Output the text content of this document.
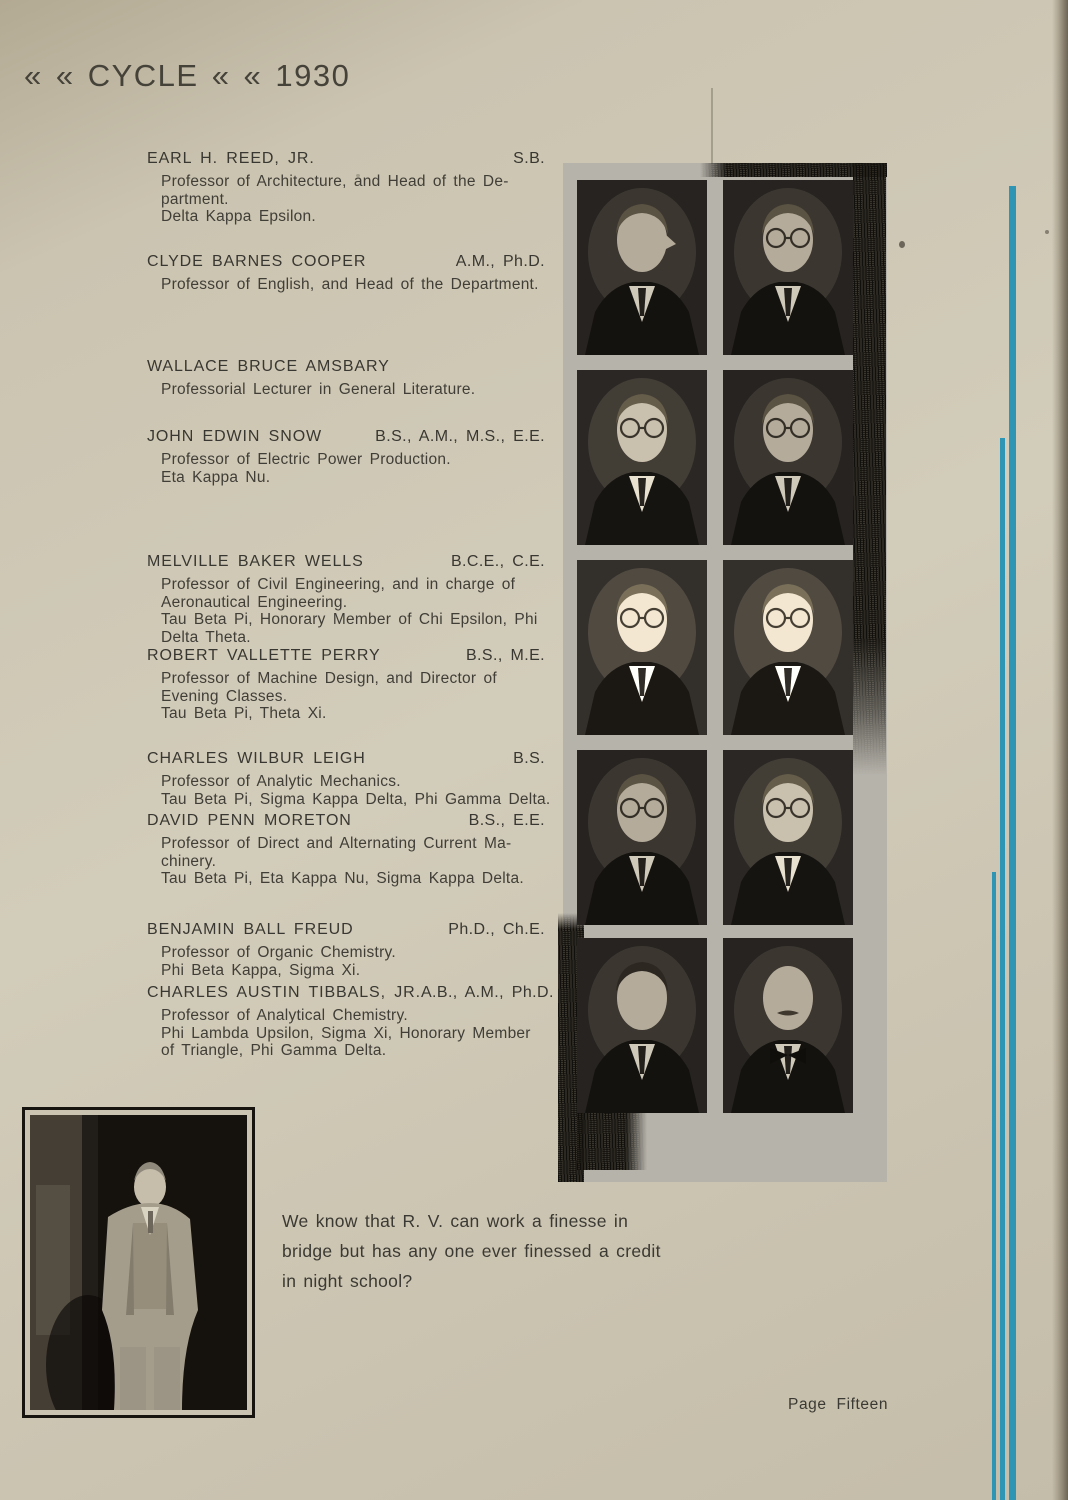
« « CYCLE « « 1930
EARL H. REED, JR.	S.B.
Professor of Architecture, and Head of the De-
partment.
Delta Kappa Epsilon.
CLYDE BARNES COOPER	A.M., Ph.D.
Professor of English, and Head of the Department.
WALLACE BRUCE AMSBARY
Professorial Lecturer in General Literature.
JOHN EDWIN SNOW	B.S., A.M., M.S., E.E.
Professor of Electric Power Production.
Eta Kappa Nu.
MELVILLE BAKER WELLS	B.C.E., C.E.
Professor of Civil Engineering, and in charge of
Aeronautical Engineering.
Tau Beta Pi, Honorary Member of Chi Epsilon, Phi
Delta Theta.
ROBERT VALLETTE PERRY	B.S., M.E.
Professor of Machine Design, and Director of
Evening Classes.
Tau Beta Pi, Theta Xi.
CHARLES WILBUR LEIGH	B.S.
Professor of Analytic Mechanics.
Tau Beta Pi, Sigma Kappa Delta, Phi Gamma Delta.
DAVID PENN MORETON	B.S., E.E.
Professor of Direct and Alternating Current Ma-
chinery.
Tau Beta Pi, Eta Kappa Nu, Sigma Kappa Delta.
BENJAMIN BALL FREUD	Ph.D., Ch.E.
Professor of Organic Chemistry.
Phi Beta Kappa, Sigma Xi.
CHARLES AUSTIN TIBBALS, JR. A.B., A.M., Ph.D.
Professor of Analytical Chemistry.
Phi Lambda Upsilon, Sigma Xi, Honorary Member
of Triangle, Phi Gamma Delta.
We know that R. V. can work a finesse in
bridge but has any one ever finessed a credit
in night school?
Page Fifteen
